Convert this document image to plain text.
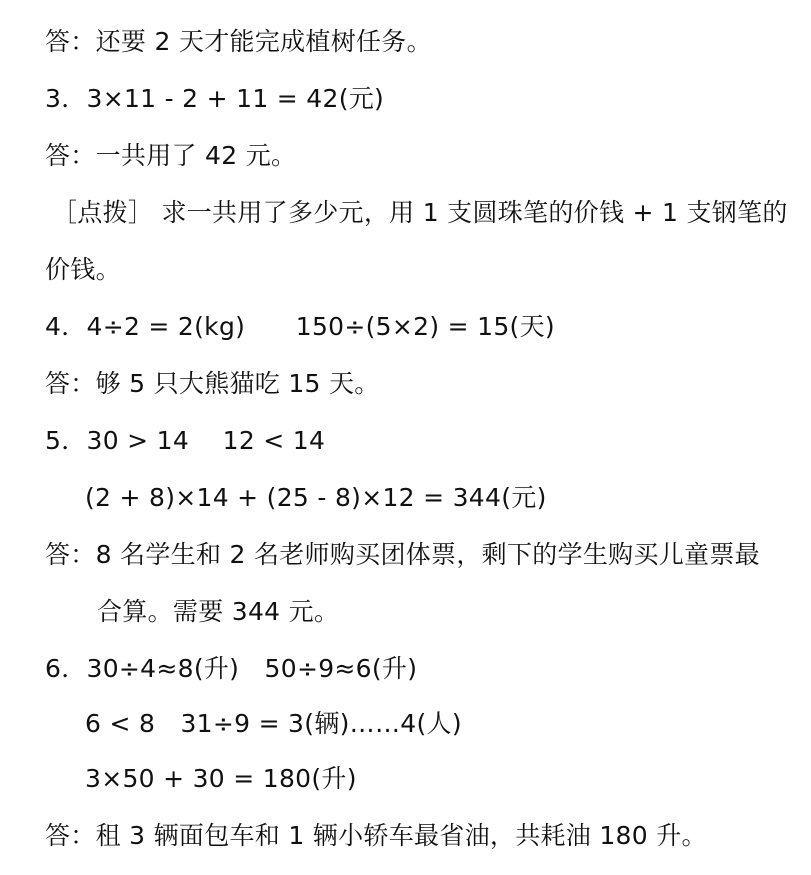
答：还要 2 天才能完成植树任务。
3．3×11 - 2 + 11 = 42(元)
答：一共用了 42 元。
［点拨］ 求一共用了多少元，用 1 支圆珠笔的价钱 + 1 支钢笔的
价钱。
4．4÷2 = 2(kg)　　150÷(5×2) = 15(天)
答：够 5 只大熊猫吃 15 天。
5．30 > 14　 12 < 14
(2 + 8)×14 + (25 - 8)×12 = 344(元)
答：8 名学生和 2 名老师购买团体票，剩下的学生购买儿童票最
合算。需要 344 元。
6．30÷4≈8(升)　50÷9≈6(升)
6 < 8　31÷9 = 3(辆)……4(人)
3×50 + 30 = 180(升)
答：租 3 辆面包车和 1 辆小轿车最省油，共耗油 180 升。
